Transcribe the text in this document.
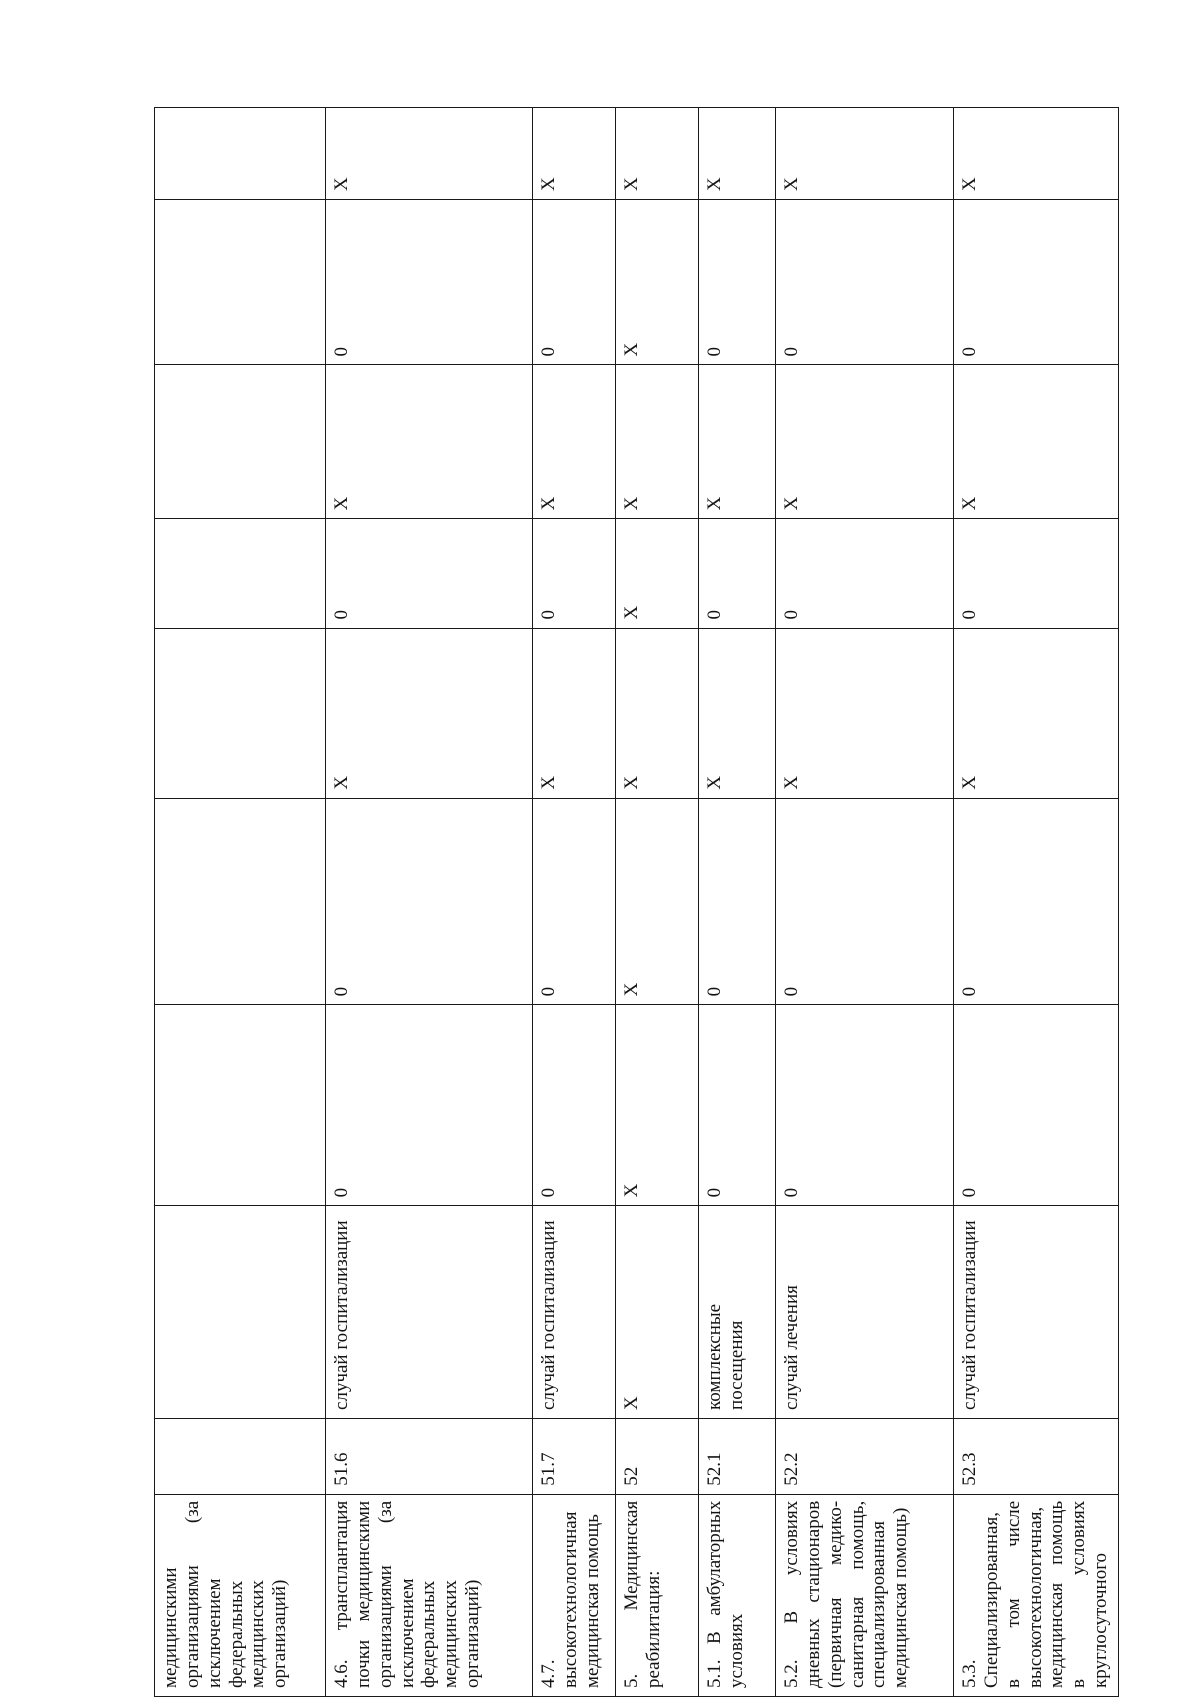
медицинскими организациями (за исключением федеральных медицинских организаций)									
4.6. трансплантация почки медицинскими организациями (за исключением федеральных медицинских организаций)	51.6	случай госпитализации	0	0	X	0	X	0	X
4.7. высокотехнологичная медицинская помощь	51.7	случай госпитализации	0	0	X	0	X	0	X
5. Медицинская реабилитация:	52	X	X	X	X	X	X	X	X
5.1. В амбулаторных условиях	52.1	комплексные посещения	0	0	X	0	X	0	X
5.2. В условиях дневных стационаров (первичная медико-санитарная помощь, специализированная медицинская помощь)	52.2	случай лечения	0	0	X	0	X	0	X
5.3. Специализированная, в том числе высокотехнологичная, медицинская помощь в условиях круглосуточного	52.3	случай госпитализации	0	0	X	0	X	0	X
